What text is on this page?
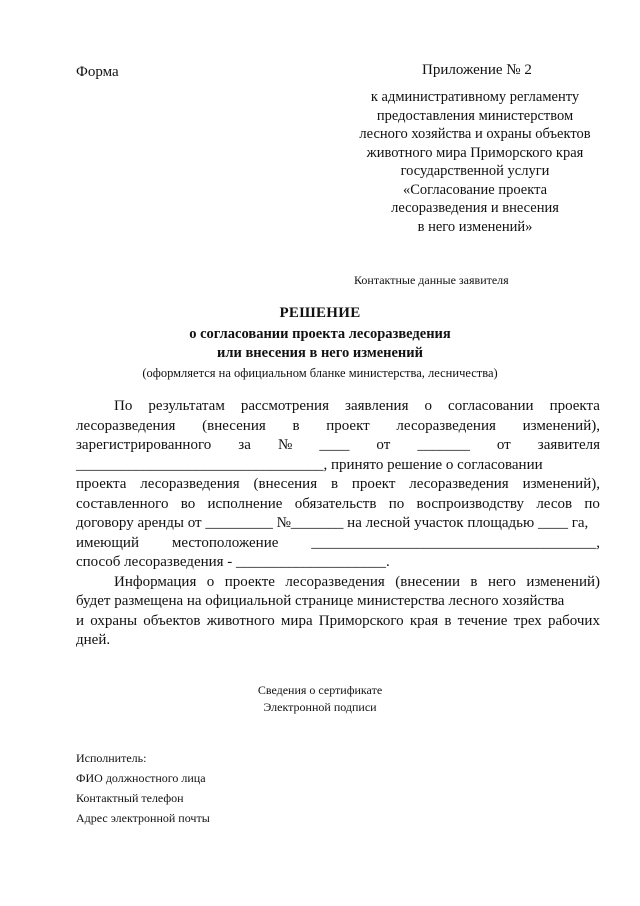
Форма	Приложение № 2
к административному регламенту
предоставления министерством
лесного хозяйства и охраны объектов
животного мира Приморского края
государственной услуги
«Согласование проекта
лесоразведения и внесения
в него изменений»
Контактные данные заявителя
РЕШЕНИЕ
о согласовании проекта лесоразведения
или внесения в него изменений
(оформляется на официальном бланке министерства, лесничества)
По результатам рассмотрения заявления о согласовании проекта
лесоразведения (внесения в проект лесоразведения изменений),
зарегистрированного за № ____ от _______ от заявителя
_________________________________, принято решение о согласовании
проекта лесоразведения (внесения в проект лесоразведения изменений),
составленного во исполнение обязательств по воспроизводству лесов по
договору аренды от _________ №_______ на лесной участок площадью ____ га,
имеющий местоположение ______________________________________,
способ лесоразведения - ____________________.
Информация о проекте лесоразведения (внесении в него изменений)
будет размещена на официальной странице министерства лесного хозяйства
и охраны объектов животного мира Приморского края в течение трех рабочих
дней.
Сведения о сертификате
Электронной подписи
Исполнитель:
ФИО должностного лица
Контактный телефон
Адрес электронной почты
